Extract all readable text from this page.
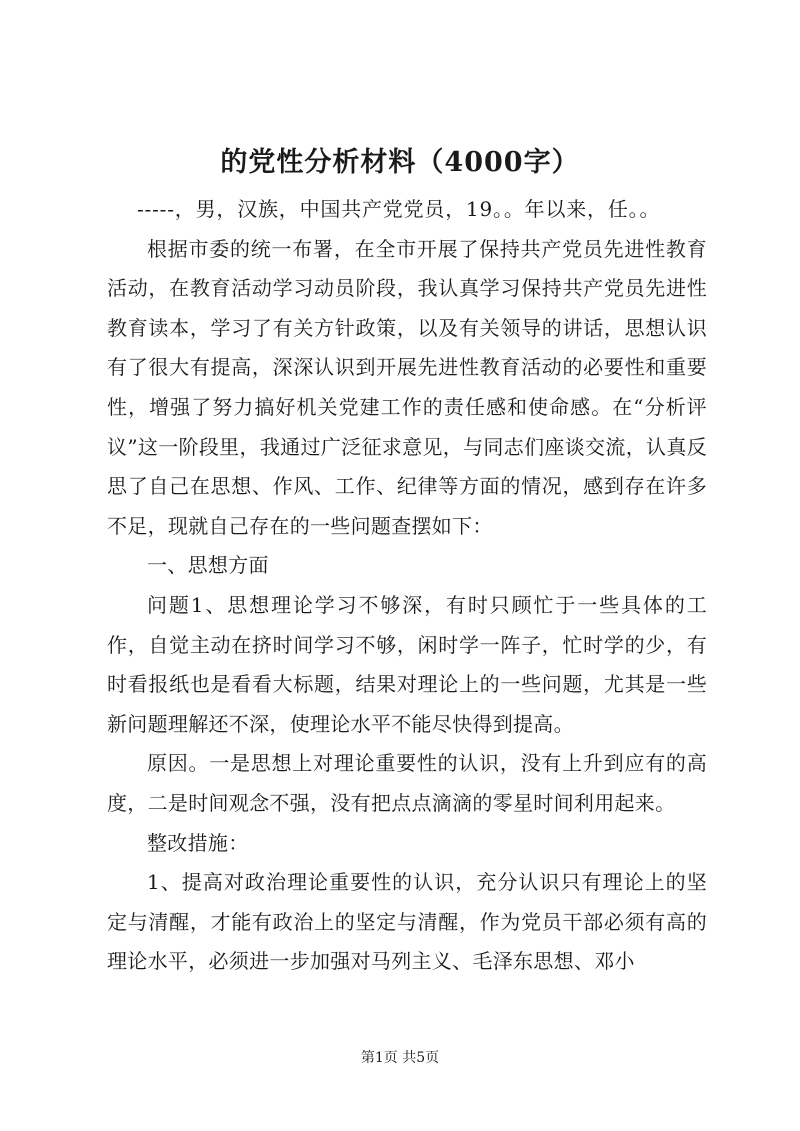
的党性分析材料（4000字）

-----，男，汉族，中国共产党党员，19。。年以来，任。。

根据市委的统一布署，在全市开展了保持共产党员先进性教育活动，在教育活动学习动员阶段，我认真学习保持共产党员先进性教育读本，学习了有关方针政策，以及有关领导的讲话，思想认识有了很大有提高，深深认识到开展先进性教育活动的必要性和重要性，增强了努力搞好机关党建工作的责任感和使命感。在“分析评议”这一阶段里，我通过广泛征求意见，与同志们座谈交流，认真反思了自己在思想、作风、工作、纪律等方面的情况，感到存在许多不足，现就自己存在的一些问题查摆如下：

一、思想方面

问题1、思想理论学习不够深，有时只顾忙于一些具体的工作，自觉主动在挤时间学习不够，闲时学一阵子，忙时学的少，有时看报纸也是看看大标题，结果对理论上的一些问题，尤其是一些新问题理解还不深，使理论水平不能尽快得到提高。

原因。一是思想上对理论重要性的认识，没有上升到应有的高度，二是时间观念不强，没有把点点滴滴的零星时间利用起来。

整改措施：

1、提高对政治理论重要性的认识，充分认识只有理论上的坚定与清醒，才能有政治上的坚定与清醒，作为党员干部必须有高的理论水平，必须进一步加强对马列主义、毛泽东思想、邓小

第1页 共5页
